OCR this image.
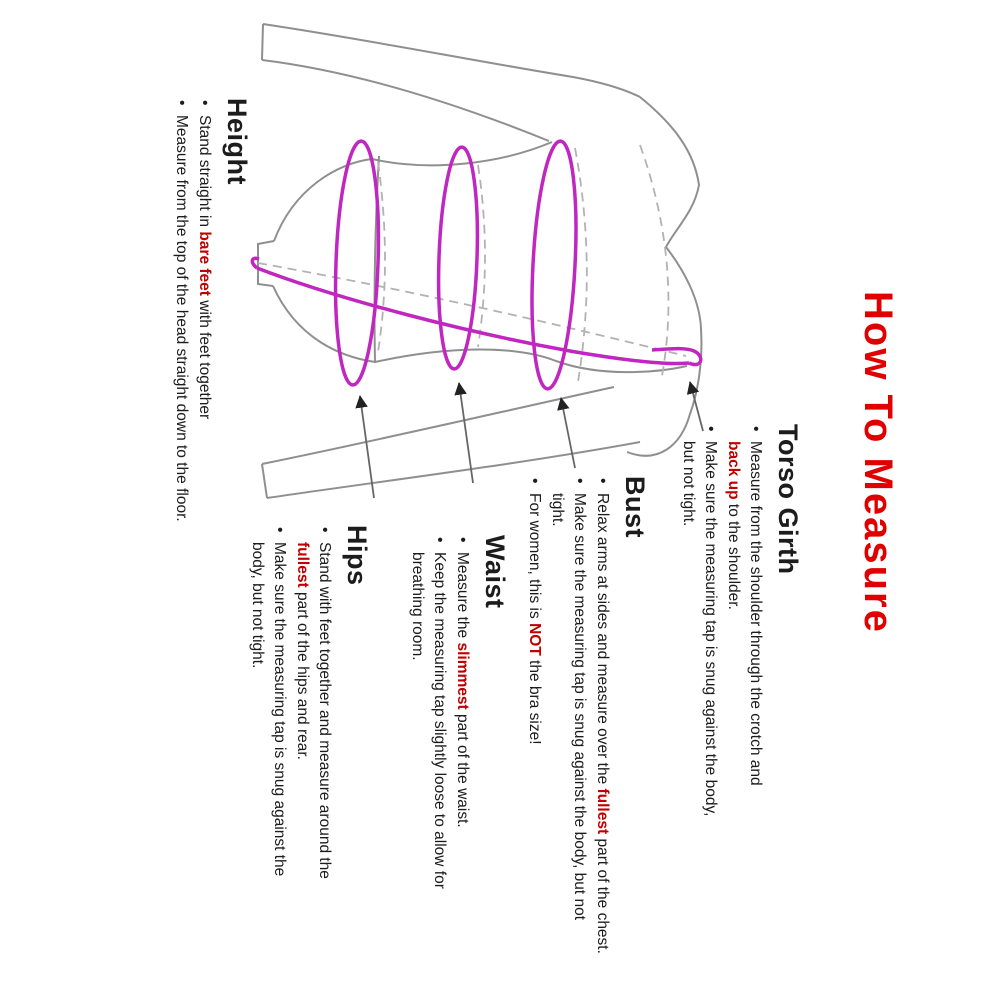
How To Measure
Height
• Stand straight in bare feet with feet together
• Measure from the top of the head straight down to the floor.	Torso Girth
• Measure from the shoulder through the crotch and
back up to the shoulder.
• Make sure the measuring tap is snug against the body,
but not tight.
Bust
• Relax arms at sides and measure over the fullest part of the chest.
• Make sure the measuring tap is snug against the body, but not
tight.
• For women, this is NOT the bra size!
Waist
• Measure the slimmest part of the waist.
• Keep the measuring tap slightly loose to allow for
breathing room.
Hips
• Stand with feet together and measure around the
fullest part of the hips and rear.
• Make sure the measuring tap is snug against the
body, but not tight.
